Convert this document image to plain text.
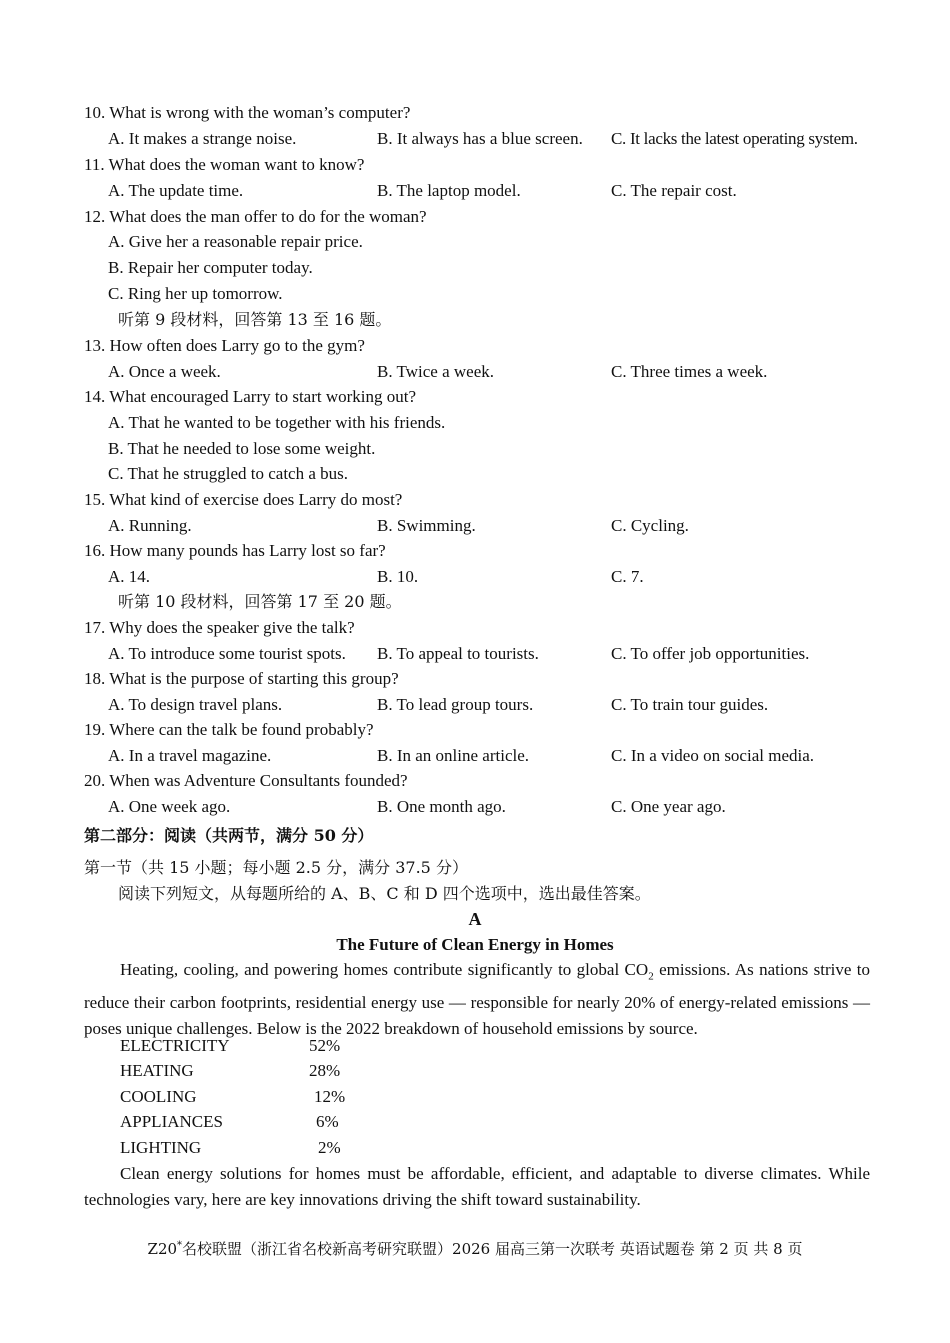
10. What is wrong with the woman’s computer?
A. It makes a strange noise.	B. It always has a blue screen. C. It lacks the latest operating system.
11. What does the woman want to know?
A. The update time.	B. The laptop model.	C. The repair cost.
12. What does the man offer to do for the woman?
A. Give her a reasonable repair price.
B. Repair her computer today.
C. Ring her up tomorrow.
听第 9 段材料，回答第 13 至 16 题。
13. How often does Larry go to the gym?
A. Once a week.	B. Twice a week.	C. Three times a week.
14. What encouraged Larry to start working out?
A. That he wanted to be together with his friends.
B. That he needed to lose some weight.
C. That he struggled to catch a bus.
15. What kind of exercise does Larry do most?
A. Running.	B. Swimming.	C. Cycling.
16. How many pounds has Larry lost so far?
A. 14.	B. 10.	C. 7.
听第 10 段材料，回答第 17 至 20 题。
17. Why does the speaker give the talk?
A. To introduce some tourist spots. B. To appeal to tourists.	C. To offer job opportunities.
18. What is the purpose of starting this group?
A. To design travel plans.	B. To lead group tours.	C. To train tour guides.
19. Where can the talk be found probably?
A. In a travel magazine.	B. In an online article.	C. In a video on social media.
20. When was Adventure Consultants founded?
A. One week ago.	B. One month ago.	C. One year ago.
第二部分：阅读（共两节，满分 50 分）
第一节（共 15 小题；每小题 2.5 分，满分 37.5 分）
阅读下列短文，从每题所给的 A、B、C 和 D 四个选项中，选出最佳答案。
A
The Future of Clean Energy in Homes
Heating, cooling, and powering homes contribute significantly to global $CO_2$ emissions. As nations strive to reduce their carbon footprints, residential energy use — responsible for nearly 20% of energy-related emissions — poses unique challenges. Below is the 2022 breakdown of household emissions by source.
ELECTRICITY	52%
HEATING	28%
COOLING	12%
APPLIANCES	6%
LIGHTING	2%
Clean energy solutions for homes must be affordable, efficient, and adaptable to diverse climates. While technologies vary, here are key innovations driving the shift toward sustainability.
Z20*名校联盟（浙江省名校新高考研究联盟）2026 届高三第一次联考 英语试题卷 第 2 页 共 8 页
